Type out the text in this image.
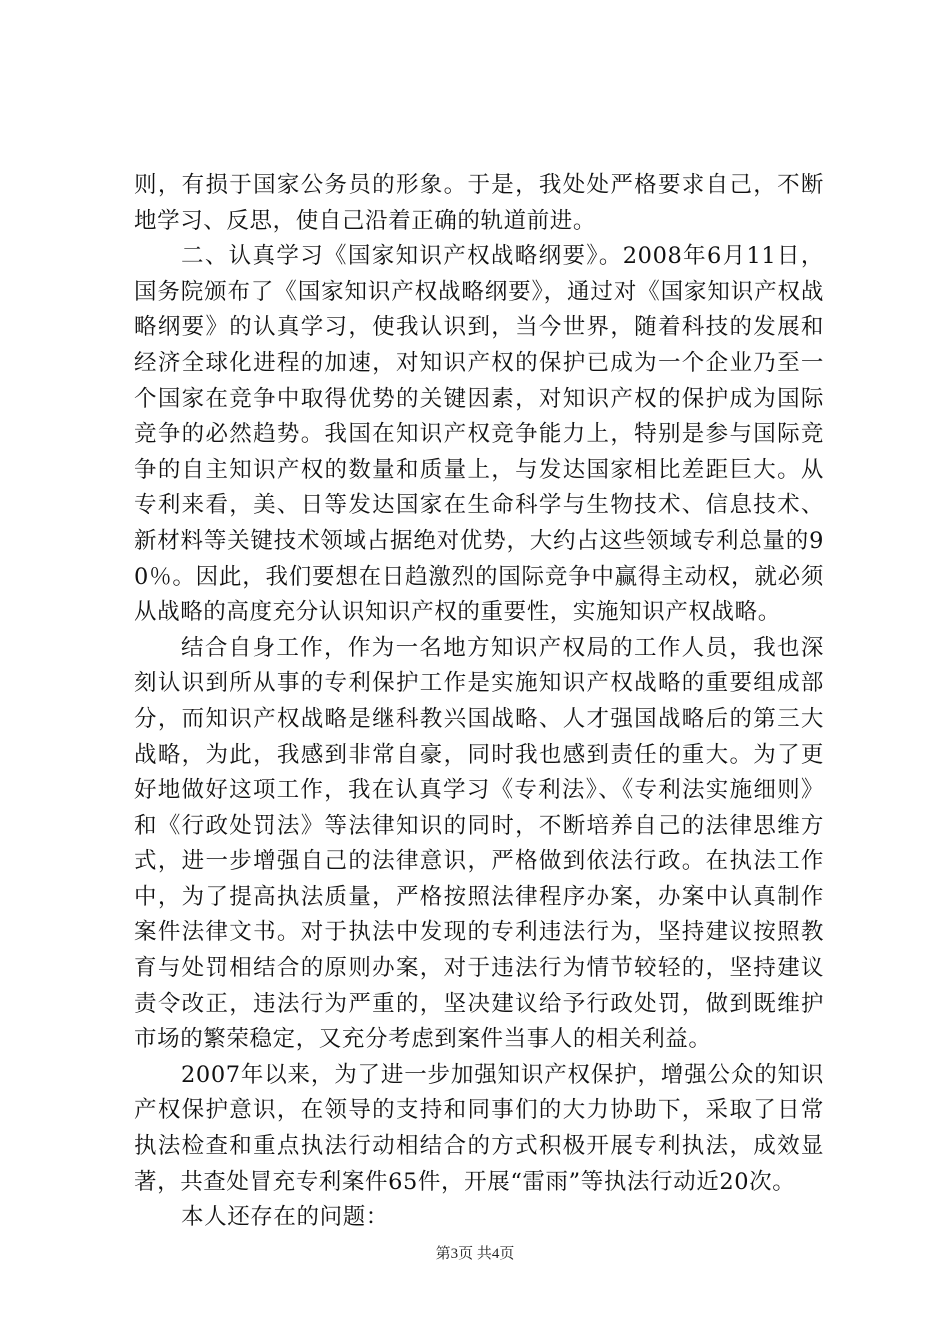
则，有损于国家公务员的形象。于是，我处处严格要求自己，不断地学习、反思，使自己沿着正确的轨道前进。

二、认真学习《国家知识产权战略纲要》。2008年6月11日，国务院颁布了《国家知识产权战略纲要》，通过对《国家知识产权战略纲要》的认真学习，使我认识到，当今世界，随着科技的发展和经济全球化进程的加速，对知识产权的保护已成为一个企业乃至一个国家在竞争中取得优势的关键因素，对知识产权的保护成为国际竞争的必然趋势。我国在知识产权竞争能力上，特别是参与国际竞争的自主知识产权的数量和质量上，与发达国家相比差距巨大。从专利来看，美、日等发达国家在生命科学与生物技术、信息技术、新材料等关键技术领域占据绝对优势，大约占这些领域专利总量的90％。因此，我们要想在日趋激烈的国际竞争中赢得主动权，就必须从战略的高度充分认识知识产权的重要性，实施知识产权战略。

结合自身工作，作为一名地方知识产权局的工作人员，我也深刻认识到所从事的专利保护工作是实施知识产权战略的重要组成部分，而知识产权战略是继科教兴国战略、人才强国战略后的第三大战略，为此，我感到非常自豪，同时我也感到责任的重大。为了更好地做好这项工作，我在认真学习《专利法》、《专利法实施细则》和《行政处罚法》等法律知识的同时，不断培养自己的法律思维方式，进一步增强自己的法律意识，严格做到依法行政。在执法工作中，为了提高执法质量，严格按照法律程序办案，办案中认真制作案件法律文书。对于执法中发现的专利违法行为，坚持建议按照教育与处罚相结合的原则办案，对于违法行为情节较轻的，坚持建议责令改正，违法行为严重的，坚决建议给予行政处罚，做到既维护市场的繁荣稳定，又充分考虑到案件当事人的相关利益。

2007年以来，为了进一步加强知识产权保护，增强公众的知识产权保护意识，在领导的支持和同事们的大力协助下，采取了日常执法检查和重点执法行动相结合的方式积极开展专利执法，成效显著，共查处冒充专利案件65件，开展“雷雨”等执法行动近20次。

本人还存在的问题：

第3页 共4页
